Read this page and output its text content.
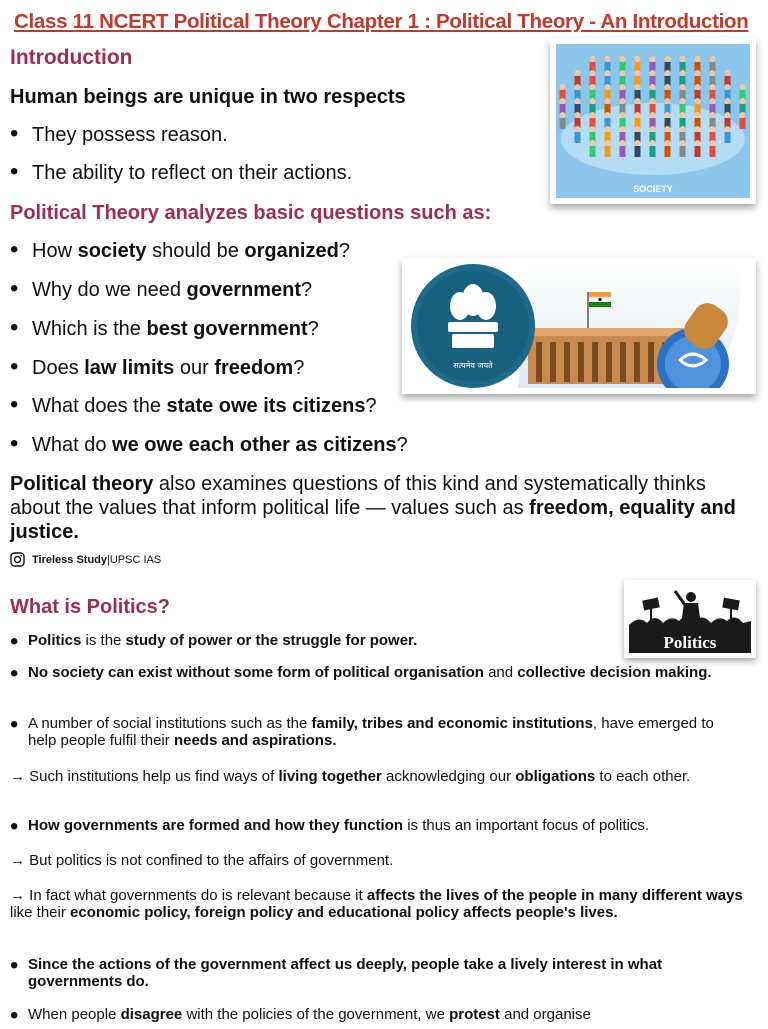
Class 11 NCERT Political Theory Chapter 1 : Political Theory - An Introduction
Introduction
Human beings are unique in two respects
• They possess reason.
• The ability to reflect on their actions.
Political Theory analyzes basic questions such as:
• How society should be organized?
• Why do we need government?
• Which is the best government?
• Does law limits our freedom?
• What does the state owe its citizens?
• What do we owe each other as citizens?
Political theory also examines questions of this kind and systematically thinks about the values that inform political life — values such as freedom, equality and justice.
Tireless Study |UPSC IAS
SOCIETY
सत्यमेव जयते
What is Politics?
Politics
• Politics is the study of power or the struggle for power.
• No society can exist without some form of political organisation and collective decision making.
• A number of social institutions such as the family, tribes and economic institutions, have emerged to help people fulfil their needs and aspirations.
→ Such institutions help us find ways of living together acknowledging our obligations to each other.
• How governments are formed and how they function is thus an important focus of politics.
→ But politics is not confined to the affairs of government.
→ In fact what governments do is relevant because it affects the lives of the people in many different ways like their economic policy, foreign policy and educational policy affects people's lives.
• Since the actions of the government affect us deeply, people take a lively interest in what governments do.
• When people disagree with the policies of the government, we protest and organise
